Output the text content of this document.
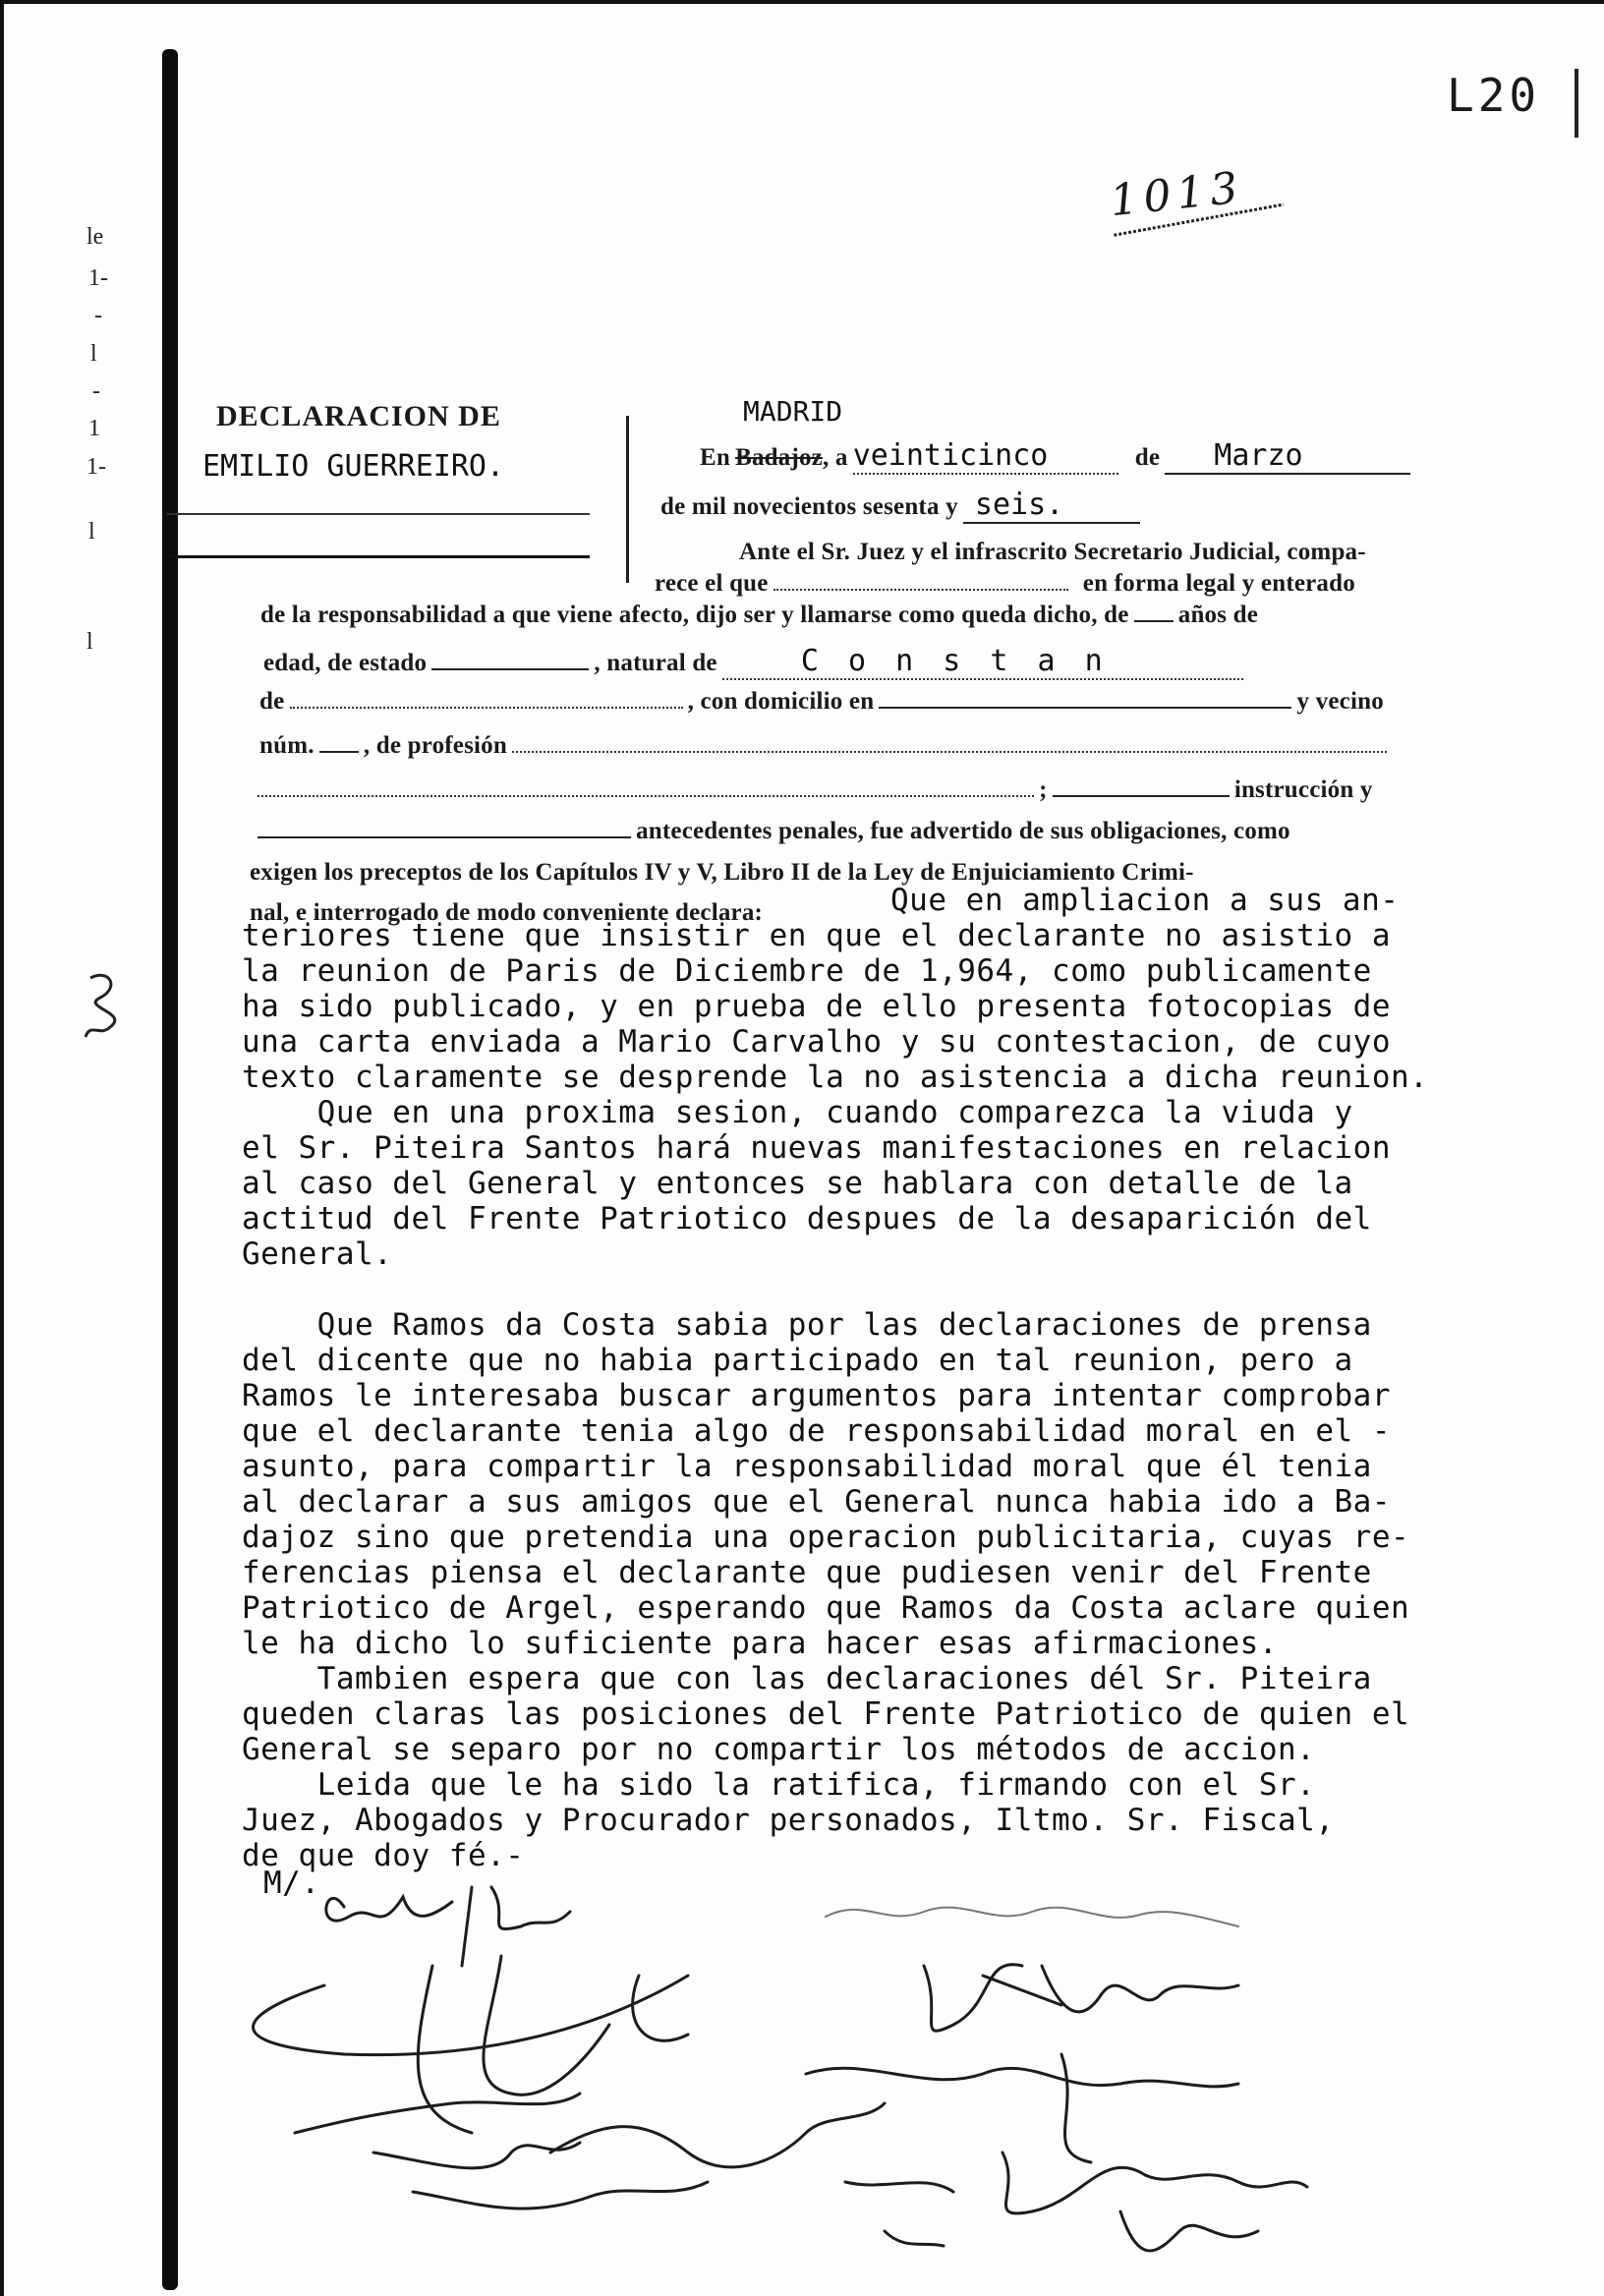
le
1-
-
l
-
1
1-
l
l
L20
1013
DECLARACION DE
EMILIO GUERREIRO.
MADRID
En Badajoz, a veinticinco	de Marzo
de mil novecientos sesenta y seis.
Ante el Sr. Juez y el infrascrito Secretario Judicial, compa-
rece el que	en forma legal y enterado
de la responsabilidad a que viene afecto, dijo ser y llamarse como queda dicho, de años de
edad, de estado	, natural de	C o n s t a n
de	, con domicilio en	y vecino
núm. , de profesión
;	instrucción y
antecedentes penales, fue advertido de sus obligaciones, como
exigen los preceptos de los Capítulos IV y V, Libro II de la Ley de Enjuiciamiento Crimi-
nal, e interrogado de modo conveniente declara:	Que en ampliacion a sus an-
teriores tiene que insistir en que el declarante no asistio a
la reunion de Paris de Diciembre de 1,964, como publicamente
ha sido publicado, y en prueba de ello presenta fotocopias de
una carta enviada a Mario Carvalho y su contestacion, de cuyo
texto claramente se desprende la no asistencia a dicha reunion.
Que en una proxima sesion, cuando comparezca la viuda y
el Sr. Piteira Santos hará nuevas manifestaciones en relacion
al caso del General y entonces se hablara con detalle de la
actitud del Frente Patriotico despues de la desaparición del
General.
Que Ramos da Costa sabia por las declaraciones de prensa
del dicente que no habia participado en tal reunion, pero a
Ramos le interesaba buscar argumentos para intentar comprobar
que el declarante tenia algo de responsabilidad moral en el -
asunto, para compartir la responsabilidad moral que él tenia
al declarar a sus amigos que el General nunca habia ido a Ba-
dajoz sino que pretendia una operacion publicitaria, cuyas re-
ferencias piensa el declarante que pudiesen venir del Frente
Patriotico de Argel, esperando que Ramos da Costa aclare quien
le ha dicho lo suficiente para hacer esas afirmaciones.
Tambien espera que con las declaraciones dél Sr. Piteira
queden claras las posiciones del Frente Patriotico de quien el
General se separo por no compartir los métodos de accion.
Leida que le ha sido la ratifica, firmando con el Sr.
Juez, Abogados y Procurador personados, Iltmo. Sr. Fiscal,
de que doy fé.-
M/.
